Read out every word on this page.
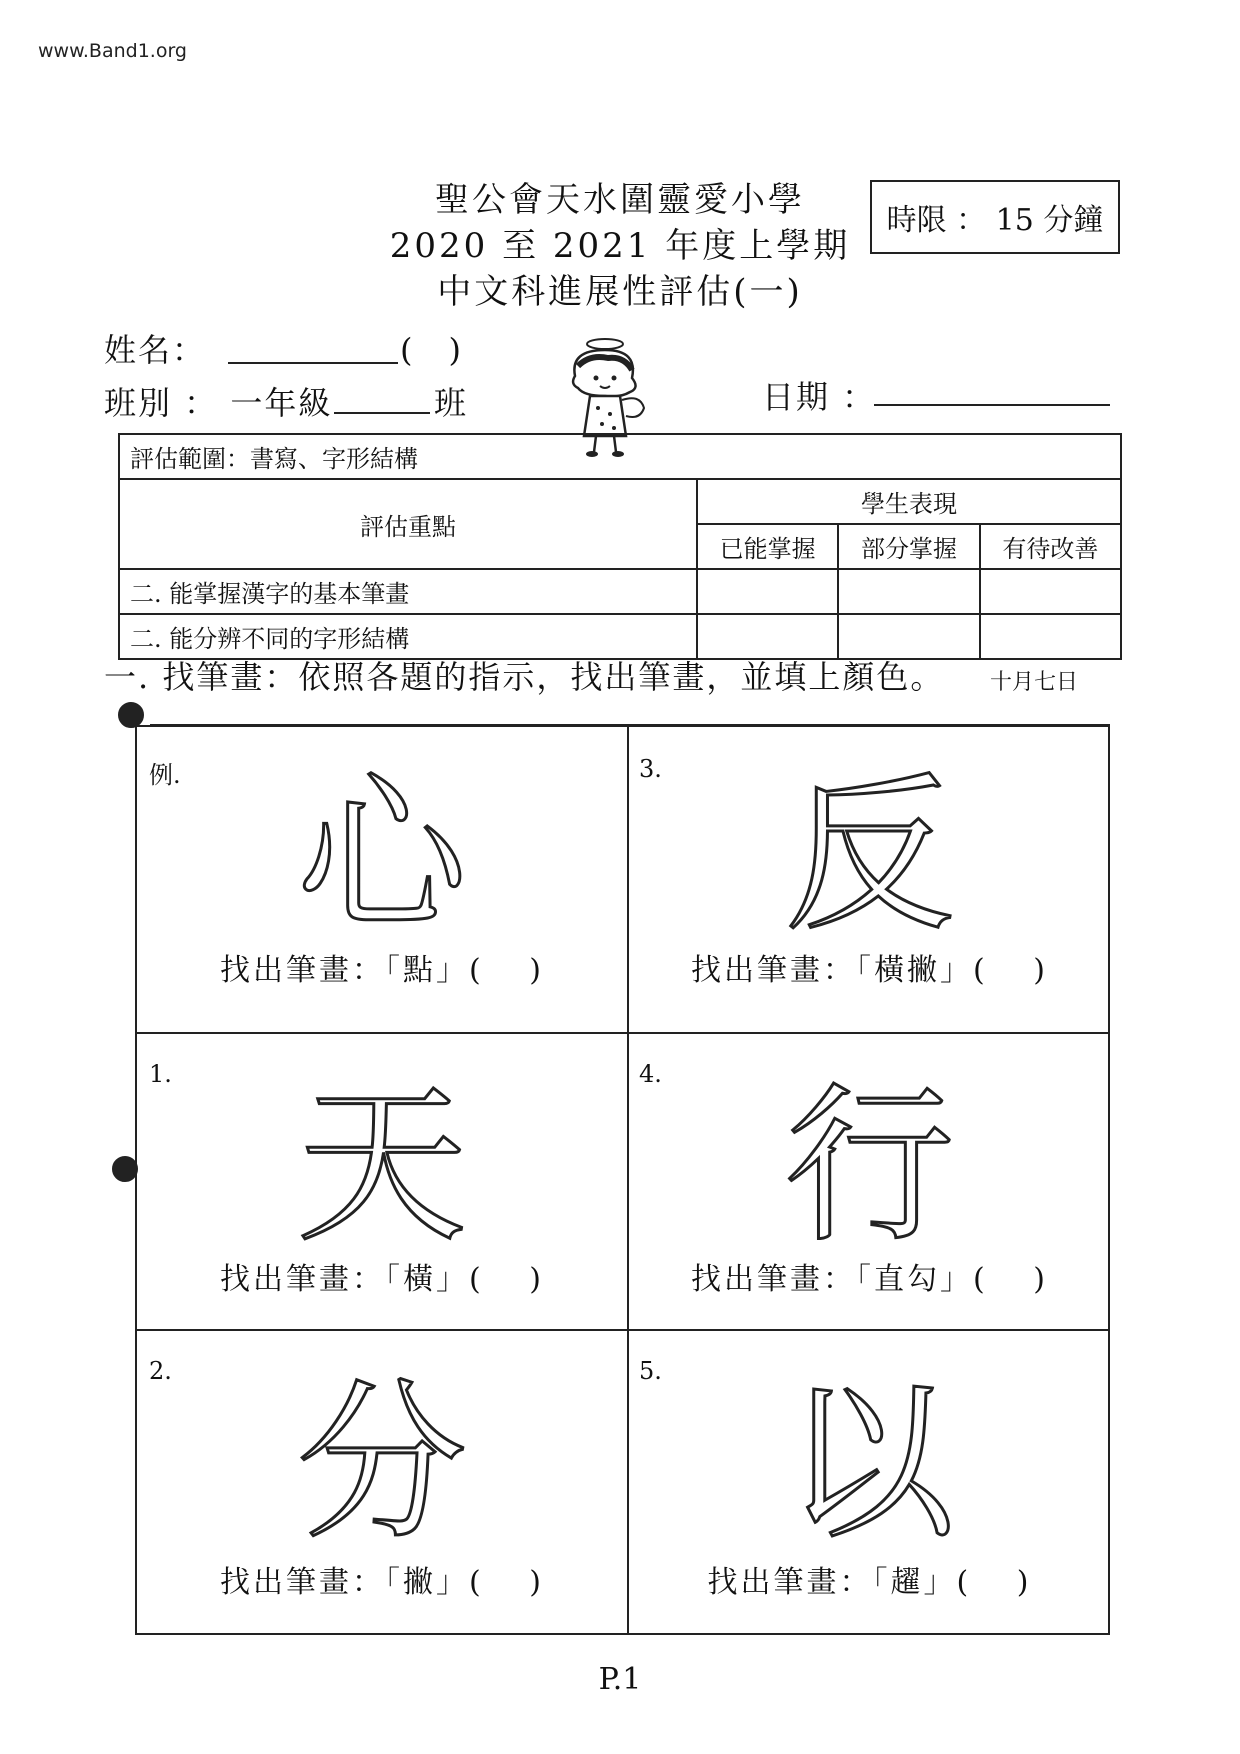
www.Band1.org
聖公會天水圍靈愛小學
2020 至 2021 年度上學期
中文科進展性評估(一)
時限 ： 15 分鐘
姓名：	(　)
班別 ： 一年級	班	日期 ：
評估範圍：書寫、字形結構			
評估重點	學生表現		
	已能掌握	部分掌握	有待改善
二. 能掌握漢字的基本筆畫			
二. 能分辨不同的字形結構			
一. 找筆畫：依照各題的指示，找出筆畫，並填上顏色。 十月七日
例. 心
找出筆畫：「點」(　 )
3. 反
找出筆畫：「橫撇」(　 )
1. 天
找出筆畫：「橫」(　 )
4. 行
找出筆畫：「直勾」(　 )
2. 分
找出筆畫：「撇」(　 )
5. 以
找出筆畫：「趯」(　 )
P.1
